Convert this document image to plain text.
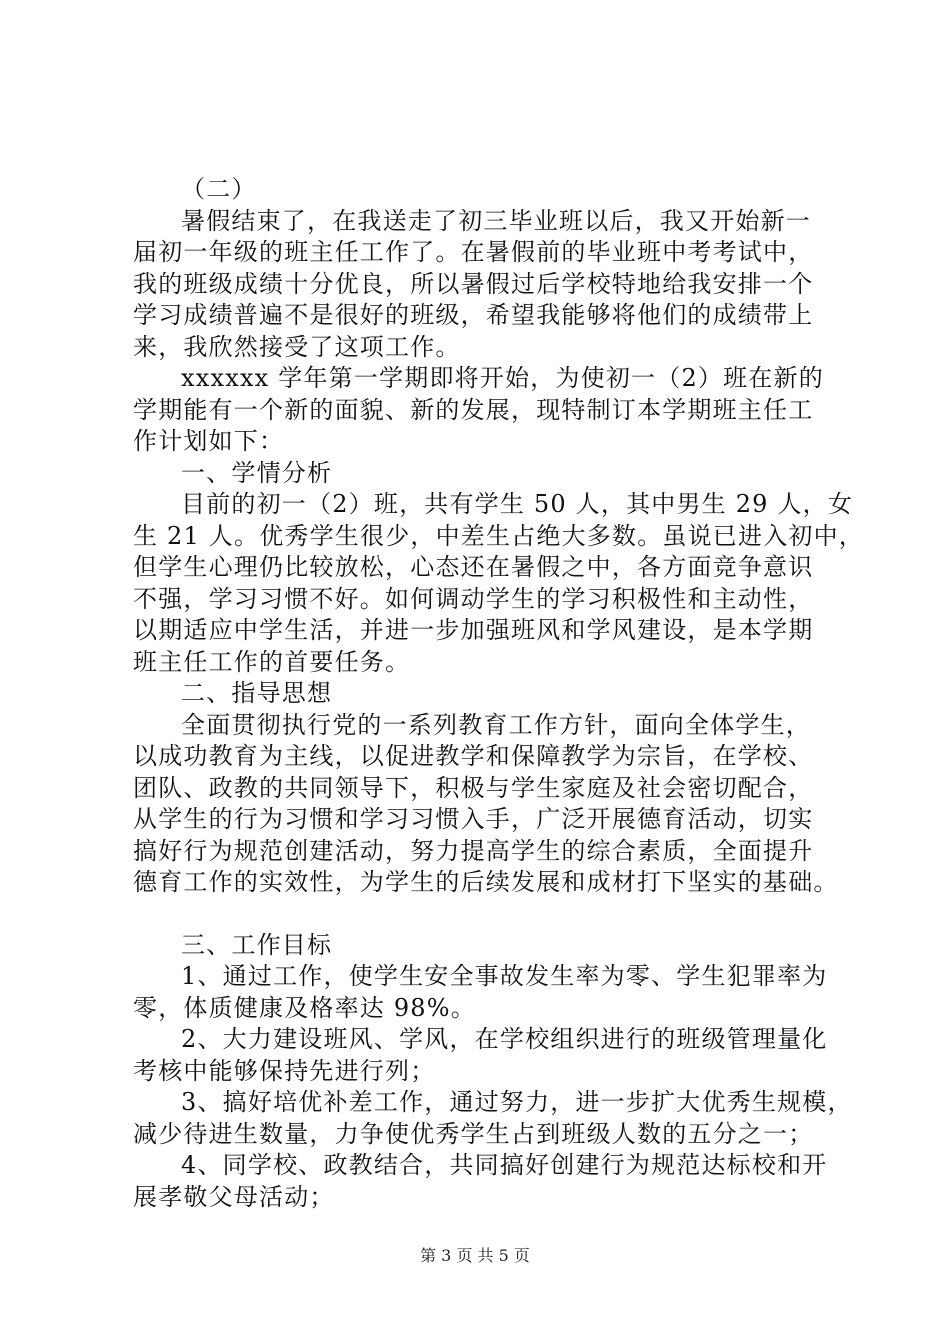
（二）
暑假结束了，在我送走了初三毕业班以后，我又开始新一
届初一年级的班主任工作了。在暑假前的毕业班中考考试中，
我的班级成绩十分优良，所以暑假过后学校特地给我安排一个
学习成绩普遍不是很好的班级，希望我能够将他们的成绩带上
来，我欣然接受了这项工作。
xxxxxx 学年第一学期即将开始，为使初一（2）班在新的
学期能有一个新的面貌、新的发展，现特制订本学期班主任工
作计划如下：
一、学情分析
目前的初一（2）班，共有学生 50 人，其中男生 29 人，女
生 21 人。优秀学生很少，中差生占绝大多数。虽说已进入初中，
但学生心理仍比较放松，心态还在暑假之中，各方面竞争意识
不强，学习习惯不好。如何调动学生的学习积极性和主动性，
以期适应中学生活，并进一步加强班风和学风建设，是本学期
班主任工作的首要任务。
二、指导思想
全面贯彻执行党的一系列教育工作方针，面向全体学生，
以成功教育为主线，以促进教学和保障教学为宗旨，在学校、
团队、政教的共同领导下，积极与学生家庭及社会密切配合，
从学生的行为习惯和学习习惯入手，广泛开展德育活动，切实
搞好行为规范创建活动，努力提高学生的综合素质，全面提升
德育工作的实效性，为学生的后续发展和成材打下坚实的基础。
三、工作目标
1、通过工作，使学生安全事故发生率为零、学生犯罪率为
零，体质健康及格率达 98%。
2、大力建设班风、学风，在学校组织进行的班级管理量化
考核中能够保持先进行列；
3、搞好培优补差工作，通过努力，进一步扩大优秀生规模，
减少待进生数量，力争使优秀学生占到班级人数的五分之一；
4、同学校、政教结合，共同搞好创建行为规范达标校和开
展孝敬父母活动；
第 3 页 共 5 页
